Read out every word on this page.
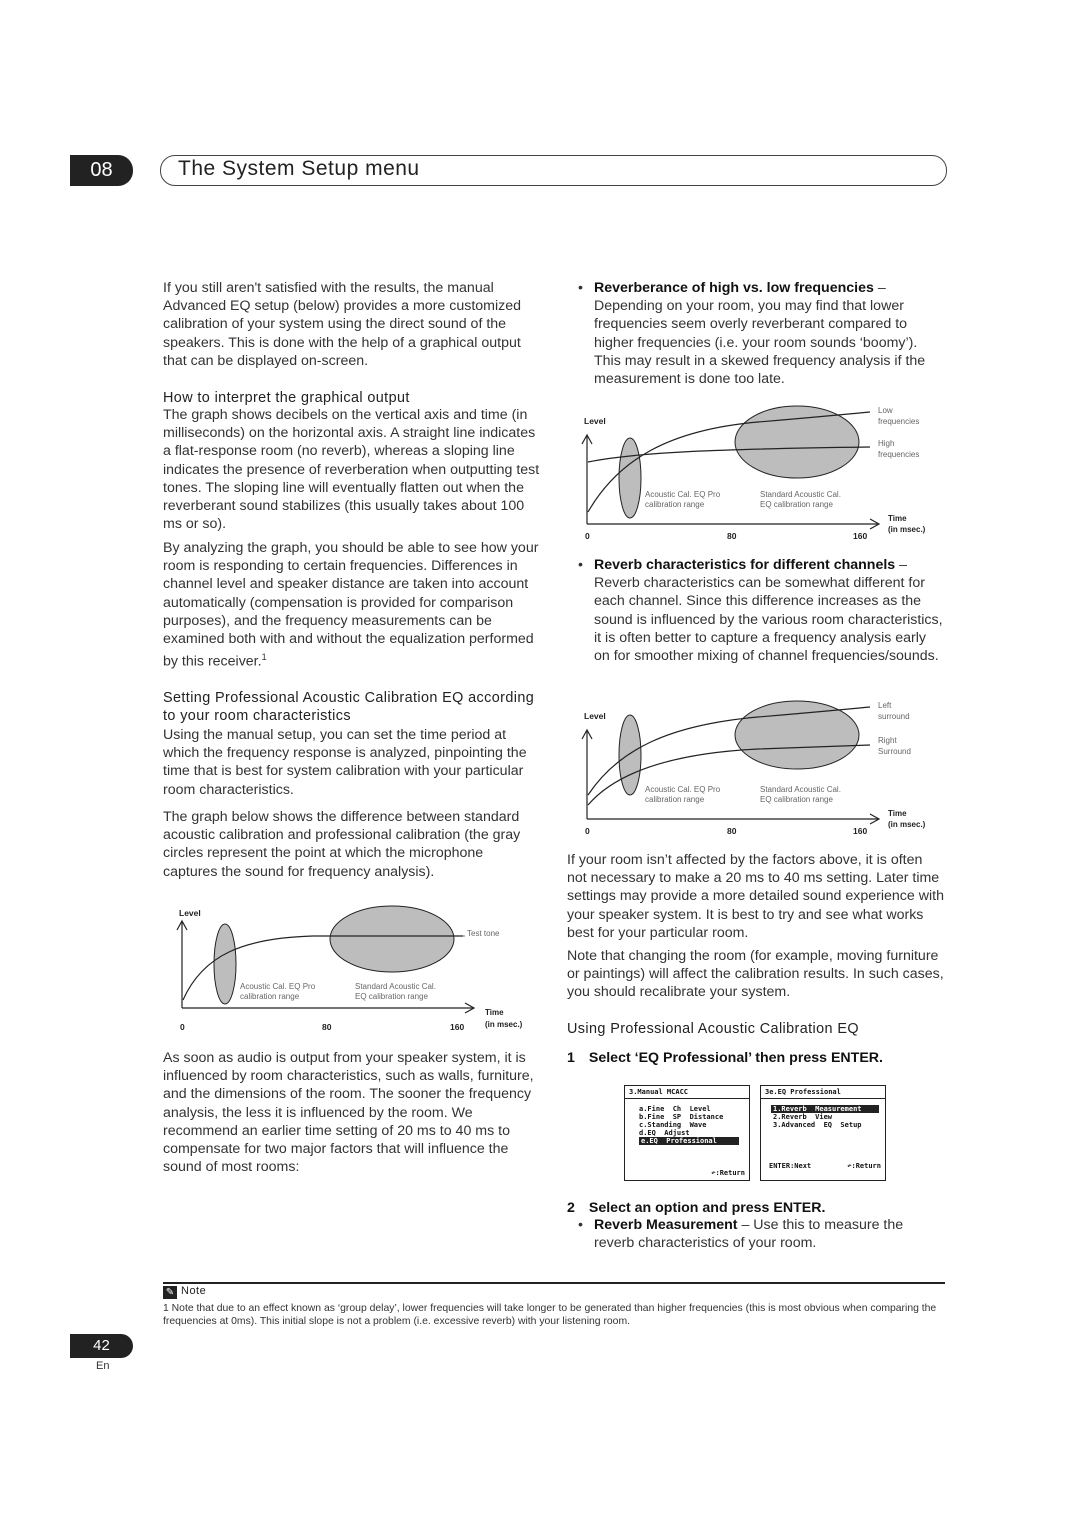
08	The System Setup menu
If you still aren't satisfied with the results, the manual Advanced EQ setup (below) provides a more customized calibration of your system using the direct sound of the speakers. This is done with the help of a graphical output that can be displayed on-screen.
How to interpret the graphical output
The graph shows decibels on the vertical axis and time (in milliseconds) on the horizontal axis. A straight line indicates a flat-response room (no reverb), whereas a sloping line indicates the presence of reverberation when outputting test tones. The sloping line will eventually flatten out when the reverberant sound stabilizes (this usually takes about 100 ms or so).
By analyzing the graph, you should be able to see how your room is responding to certain frequencies. Differences in channel level and speaker distance are taken into account automatically (compensation is provided for comparison purposes), and the frequency measurements can be examined both with and without the equalization performed by this receiver.$^1$
Setting Professional Acoustic Calibration EQ according to your room characteristics
Using the manual setup, you can set the time period at which the frequency response is analyzed, pinpointing the time that is best for system calibration with your particular room characteristics.
The graph below shows the difference between standard acoustic calibration and professional calibration (the gray circles represent the point at which the microphone captures the sound for frequency analysis).
Level
Test tone
Acoustic Cal. EQ Pro
calibration range
Standard Acoustic Cal.
EQ calibration range
Time
(in msec.)
0	80	160
As soon as audio is output from your speaker system, it is influenced by room characteristics, such as walls, furniture, and the dimensions of the room. The sooner the frequency analysis, the less it is influenced by the room. We recommend an earlier time setting of 20 ms to 40 ms to compensate for two major factors that will influence the sound of most rooms:
• Reverberance of high vs. low frequencies –
Depending on your room, you may find that lower frequencies seem overly reverberant compared to higher frequencies (i.e. your room sounds ‘boomy’). This may result in a skewed frequency analysis if the measurement is done too late.
Level
Low
frequencies
High
frequencies
Acoustic Cal. EQ Pro
calibration range
Standard Acoustic Cal.
EQ calibration range
Time
(in msec.)
0	80	160
• Reverb characteristics for different channels –
Reverb characteristics can be somewhat different for each channel. Since this difference increases as the sound is influenced by the various room characteristics, it is often better to capture a frequency analysis early on for smoother mixing of channel frequencies/sounds.
Level
Left
surround
Right
Surround
Acoustic Cal. EQ Pro
calibration range
Standard Acoustic Cal.
EQ calibration range
Time
(in msec.)
0	80	160
If your room isn’t affected by the factors above, it is often not necessary to make a 20 ms to 40 ms setting. Later time settings may provide a more detailed sound experience with your speaker system. It is best to try and see what works best for your particular room.
Note that changing the room (for example, moving furniture or paintings) will affect the calibration results. In such cases, you should recalibrate your system.
Using Professional Acoustic Calibration EQ
1 Select ‘EQ Professional’ then press ENTER.
3.Manual MCACC
a.Fine  Ch  Level
b.Fine  SP  Distance
c.Standing  Wave
d.EQ  Adjust
e.EQ  Professional
↶:Return
3e.EQ Professional
1.Reverb  Measurement
2.Reverb  View
3.Advanced  EQ  Setup
ENTER:Next	↶:Return
2 Select an option and press ENTER.
• Reverb Measurement – Use this to measure the reverb characteristics of your room.
✎ Note
1 Note that due to an effect known as ‘group delay’, lower frequencies will take longer to be generated than higher frequencies (this is most obvious when comparing the frequencies at 0ms). This initial slope is not a problem (i.e. excessive reverb) with your listening room.
42
En
